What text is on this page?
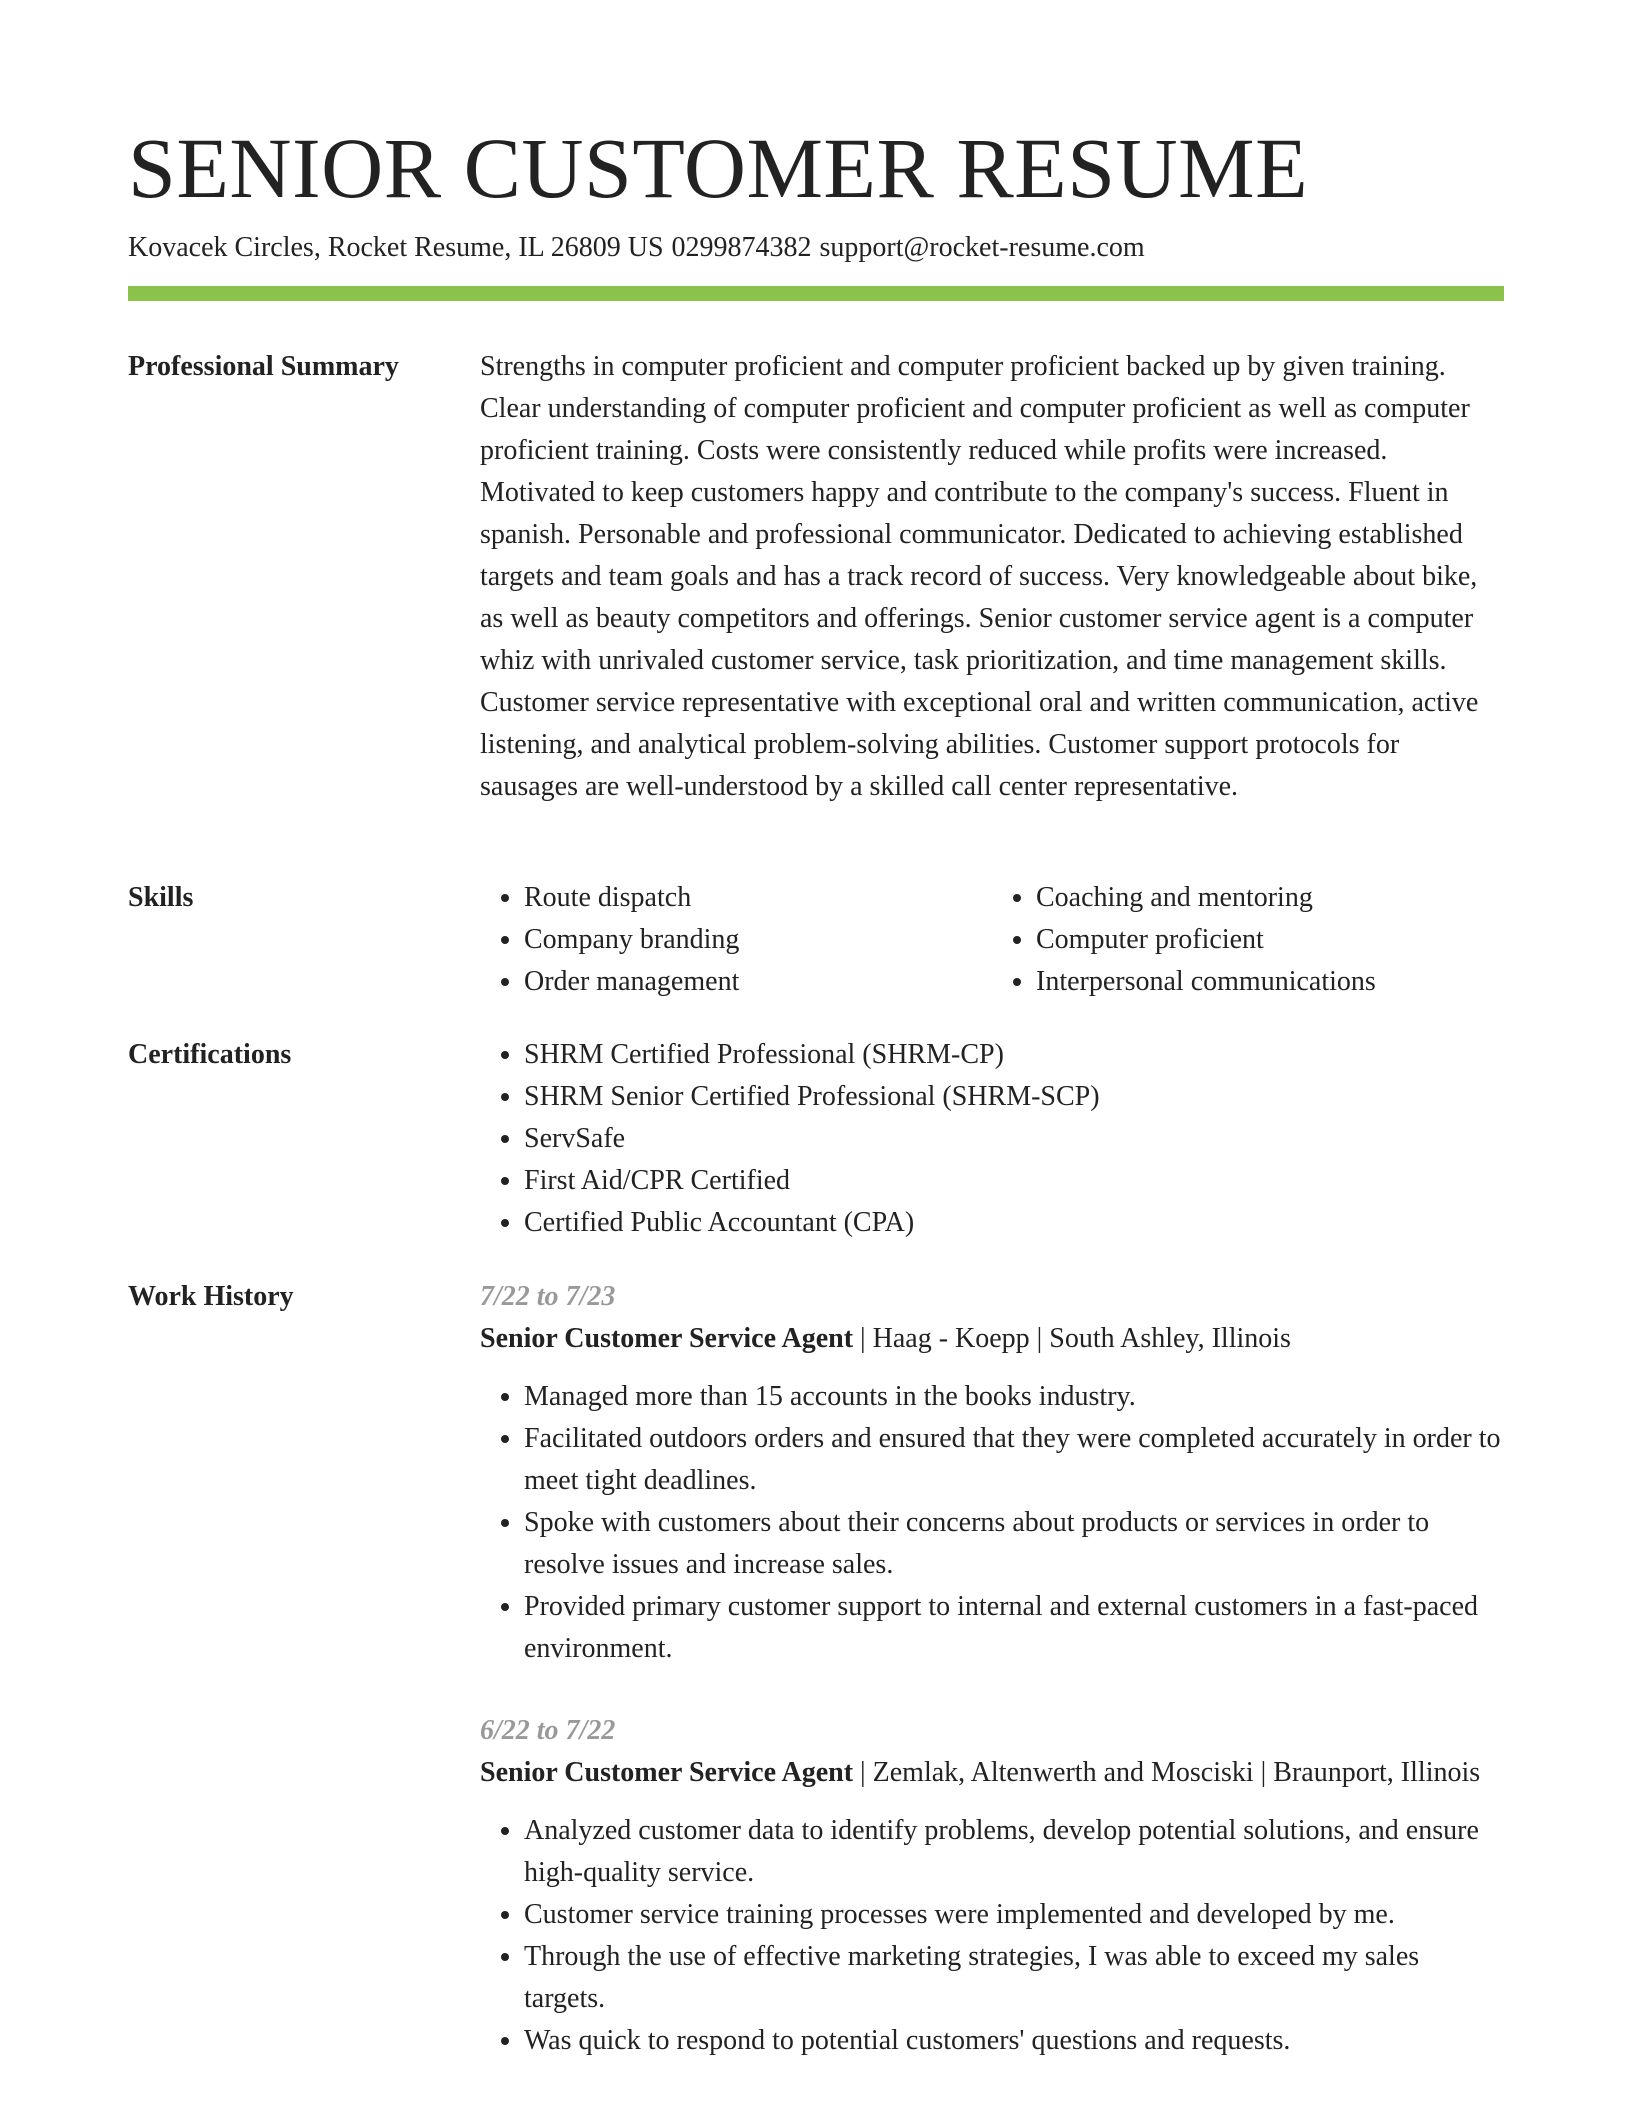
SENIOR CUSTOMER RESUME
Kovacek Circles, Rocket Resume, IL 26809 US 0299874382 support@rocket-resume.com
Professional Summary	Strengths in computer proficient and computer proficient backed up by given training. Clear understanding of computer proficient and computer proficient as well as computer proficient training. Costs were consistently reduced while profits were increased. Motivated to keep customers happy and contribute to the company's success. Fluent in spanish. Personable and professional communicator. Dedicated to achieving established targets and team goals and has a track record of success. Very knowledgeable about bike, as well as beauty competitors and offerings. Senior customer service agent is a computer whiz with unrivaled customer service, task prioritization, and time management skills. Customer service representative with exceptional oral and written communication, active listening, and analytical problem-solving abilities. Customer support protocols for sausages are well-understood by a skilled call center representative.

Skills	• Route dispatch
• Company branding
• Order management
• Coaching and mentoring
• Computer proficient
• Interpersonal communications
Certifications	• SHRM Certified Professional (SHRM-CP)
• SHRM Senior Certified Professional (SHRM-SCP)
• ServSafe
• First Aid/CPR Certified
• Certified Public Accountant (CPA)
Work History	7/22 to 7/23

Senior Customer Service Agent | Haag - Koepp | South Ashley, Illinois

• Managed more than 15 accounts in the books industry.
• Facilitated outdoors orders and ensured that they were completed accurately in order to meet tight deadlines.
• Spoke with customers about their concerns about products or services in order to resolve issues and increase sales.
• Provided primary customer support to internal and external customers in a fast-paced environment.
6/22 to 7/22

Senior Customer Service Agent | Zemlak, Altenwerth and Mosciski | Braunport, Illinois

• Analyzed customer data to identify problems, develop potential solutions, and ensure high-quality service.
• Customer service training processes were implemented and developed by me.
• Through the use of effective marketing strategies, I was able to exceed my sales targets.
• Was quick to respond to potential customers' questions and requests.
